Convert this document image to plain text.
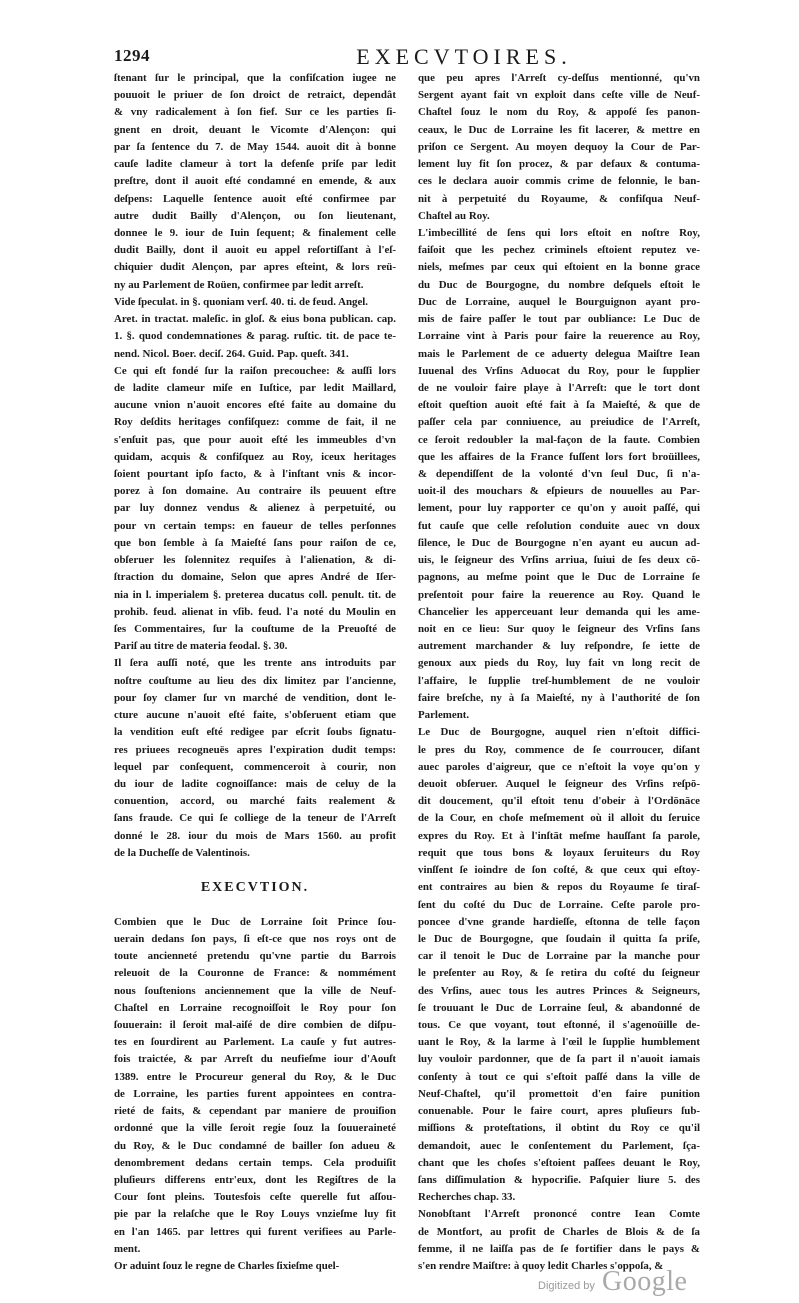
1294	EXECVTOIRES.
ſtenant ſur le principal, que la confiſcation iugee ne
pouuoit le priuer de ſon droict de retraict, dependât
& vny radicalement à ſon fief. Sur ce les parties ſi-
gnent en droit, deuant le Vicomte d'Alençon: qui
par ſa ſentence du 7. de May 1544. auoit dit à bonne
cauſe ladite clameur à tort la defenſe priſe par ledit
preſtre, dont il auoit eſté condamné en emende, & aux
deſpens: Laquelle ſentence auoit eſté confirmee par
autre dudit Bailly d'Alençon, ou ſon lieutenant,
donnee le 9. iour de Iuin ſequent; & finalement celle
dudit Bailly, dont il auoit eu appel reſortiſſant à l'eſ-
chiquier dudit Alençon, par apres eſteint, & lors reü-
ny au Parlement de Roüen, confirmee par ledit arreſt.
Vide ſpeculat. in §. quoniam verſ. 40. ti. de feud. Angel.
Aret. in tractat. maleſic. in gloſ. & eius bona publican. cap.
1. §. quod condemnationes & parag. ruſtic. tit. de pace te-
nend. Nicol. Boer. deciſ. 264. Guid. Pap. queſt. 341.
Ce qui eſt fondé ſur la raiſon precouchee: & auſſi lors
de ladite clameur miſe en Iuſtice, par ledit Maillard,
aucune vnion n'auoit encores eſté faite au domaine du
Roy deſdits heritages confiſquez: comme de fait, il ne
s'enſuit pas, que pour auoit eſté les immeubles d'vn
quidam, acquis & confiſquez au Roy, iceux heritages
ſoient pourtant ipſo facto, & à l'inſtant vnis & incor-
porez à ſon domaine. Au contraire ils peuuent eſtre
par luy donnez vendus & alienez à perpetuité, ou
pour vn certain temps: en faueur de telles perſonnes
que bon ſemble à ſa Maieſté ſans pour raiſon de ce,
obſeruer les ſolennitez requiſes à l'alienation, & di-
ſtraction du domaine, Selon que apres André de Iſer-
nia in l. imperialem §. preterea ducatus coll. penult. tit. de
prohib. feud. alienat in vſib. feud. l'a noté du Moulin en
ſes Commentaires, ſur la couſtume de la Preuoſté de
Pariſ au titre de materia feodal. §. 30.
Il ſera auſſi noté, que les trente ans introduits par
noſtre couſtume au lieu des dix limitez par l'ancienne,
pour ſoy clamer ſur vn marché de vendition, dont le-
cture aucune n'auoit eſté faite, s'obſeruent etiam que
la vendition euſt eſté redigee par eſcrit ſoubs ſignatu-
res priuees recogneuës apres l'expiration dudit temps:
lequel par conſequent, commenceroit à courir, non
du iour de ladite cognoiſſance: mais de celuy de la
conuention, accord, ou marché faits realement &
ſans fraude. Ce qui ſe colliege de la teneur de l'Arreſt
donné le 28. iour du mois de Mars 1560. au profit
de la Ducheſſe de Valentinois.
EXECVTION.
Combien que le Duc de Lorraine ſoit Prince ſou-
uerain dedans ſon pays, ſi eſt-ce que nos roys ont de
toute ancienneté pretendu qu'vne partie du Barrois
releuoit de la Couronne de France: & nommément
nous ſouſtenions anciennement que la ville de Neuf-
Chaſtel en Lorraine recognoiſſoit le Roy pour ſon
ſouuerain: il ſeroit mal-aiſé de dire combien de diſpu-
tes en ſourdirent au Parlement. La cauſe y fut autres-
fois traictée, & par Arreſt du neufieſme iour d'Aouſt
1389. entre le Procureur general du Roy, & le Duc
de Lorraine, les parties furent appointees en contra-
rieté de faits, & cependant par maniere de prouiſion
ordonné que la ville ſeroit regie ſouz la ſouueraineté
du Roy, & le Duc condamné de bailler ſon adueu &
denombrement dedans certain temps. Cela produiſit
pluſieurs differens entr'eux, dont les Regiſtres de la
Cour ſont pleins. Toutesfois ceſte querelle fut aſſou-
pie par la relaſche que le Roy Louys vnzieſme luy fit
en l'an 1465. par lettres qui furent verifiees au Parle-
ment.
Or aduint ſouz le regne de Charles ſixieſme quel-
que peu apres l'Arreſt cy-deſſus mentionné, qu'vn
Sergent ayant fait vn exploit dans ceſte ville de Neuf-
Chaſtel ſouz le nom du Roy, & appoſé ſes panon-
ceaux, le Duc de Lorraine les fit lacerer, & mettre en
priſon ce Sergent. Au moyen dequoy la Cour de Par-
lement luy fit ſon procez, & par defaux & contuma-
ces le declara auoir commis crime de felonnie, le ban-
nit à perpetuité du Royaume, & confiſqua Neuf-
Chaſtel au Roy.
L'imbecillité de ſens qui lors eſtoit en noſtre Roy,
faiſoit que les pechez criminels eſtoient reputez ve-
niels, meſmes par ceux qui eſtoient en la bonne grace
du Duc de Bourgogne, du nombre deſquels eſtoit le
Duc de Lorraine, auquel le Bourguignon ayant pro-
mis de faire paſſer le tout par oubliance: Le Duc de
Lorraine vint à Paris pour faire la reuerence au Roy,
mais le Parlement de ce aduerty delegua Maiſtre Iean
Iuuenal des Vrſins Aduocat du Roy, pour le ſupplier
de ne vouloir faire playe à l'Arreſt: que le tort dont
eſtoit queſtion auoit eſté fait à ſa Maieſté, & que de
paſſer cela par conniuence, au preiudice de l'Arreſt,
ce ſeroit redoubler la mal-façon de la faute. Combien
que les affaires de la France fuſſent lors fort broüillees,
& dependiſſent de la volonté d'vn ſeul Duc, ſi n'a-
uoit-il des mouchars & eſpieurs de nouuelles au Par-
lement, pour luy rapporter ce qu'on y auoit paſſé, qui
fut cauſe que celle reſolution conduite auec vn doux
ſilence, le Duc de Bourgogne n'en ayant eu aucun ad-
uis, le ſeigneur des Vrſins arriua, ſuiui de ſes deux cō-
pagnons, au meſme point que le Duc de Lorraine ſe
preſentoit pour faire la reuerence au Roy. Quand le
Chancelier les apperceuant leur demanda qui les ame-
noit en ce lieu: Sur quoy le ſeigneur des Vrſins ſans
autrement marchander & luy reſpondre, ſe iette de
genoux aux pieds du Roy, luy fait vn long recit de
l'affaire, le ſupplie treſ-humblement de ne vouloir
faire breſche, ny à ſa Maieſté, ny à l'authorité de ſon
Parlement.
Le Duc de Bourgogne, auquel rien n'eſtoit diffici-
le pres du Roy, commence de ſe courroucer, diſant
auec paroles d'aigreur, que ce n'eſtoit la voye qu'on y
deuoit obſeruer. Auquel le ſeigneur des Vrſins reſpō-
dit doucement, qu'il eſtoit tenu d'obeir à l'Ordōnāce
de la Cour, en choſe meſmement où il alloit du ſeruice
expres du Roy. Et à l'inſtāt meſme hauſſant ſa parole,
requit que tous bons & loyaux ſeruiteurs du Roy
vinſſent ſe ioindre de ſon coſté, & que ceux qui eſtoy-
ent contraires au bien & repos du Royaume ſe tiraſ-
ſent du coſté du Duc de Lorraine. Ceſte parole pro-
poncee d'vne grande hardieſſe, eſtonna de telle façon
le Duc de Bourgogne, que ſoudain il quitta ſa priſe,
car il tenoit le Duc de Lorraine par la manche pour
le preſenter au Roy, & ſe retira du coſté du ſeigneur
des Vrſins, auec tous les autres Princes & Seigneurs,
ſe trouuant le Duc de Lorraine ſeul, & abandonné de
tous. Ce que voyant, tout eſtonné, il s'agenoüille de-
uant le Roy, & la larme à l'œil le ſupplie humblement
luy vouloir pardonner, que de ſa part il n'auoit iamais
conſenty à tout ce qui s'eſtoit paſſé dans la ville de
Neuf-Chaſtel, qu'il promettoit d'en faire punition
conuenable. Pour le faire court, apres pluſieurs ſub-
miſſions & proteſtations, il obtint du Roy ce qu'il
demandoit, auec le conſentement du Parlement, ſça-
chant que les choſes s'eſtoient paſſees deuant le Roy,
ſans diſſimulation & hypocriſie. Paſquier liure 5. des
Recherches chap. 33.
Nonobſtant l'Arreſt prononcé contre Iean Comte
de Montfort, au profit de Charles de Blois & de ſa
femme, il ne laiſſa pas de ſe fortifier dans le pays &
s'en rendre Maiſtre: à quoy ledit Charles s'oppoſa, &
Digitized by Google
